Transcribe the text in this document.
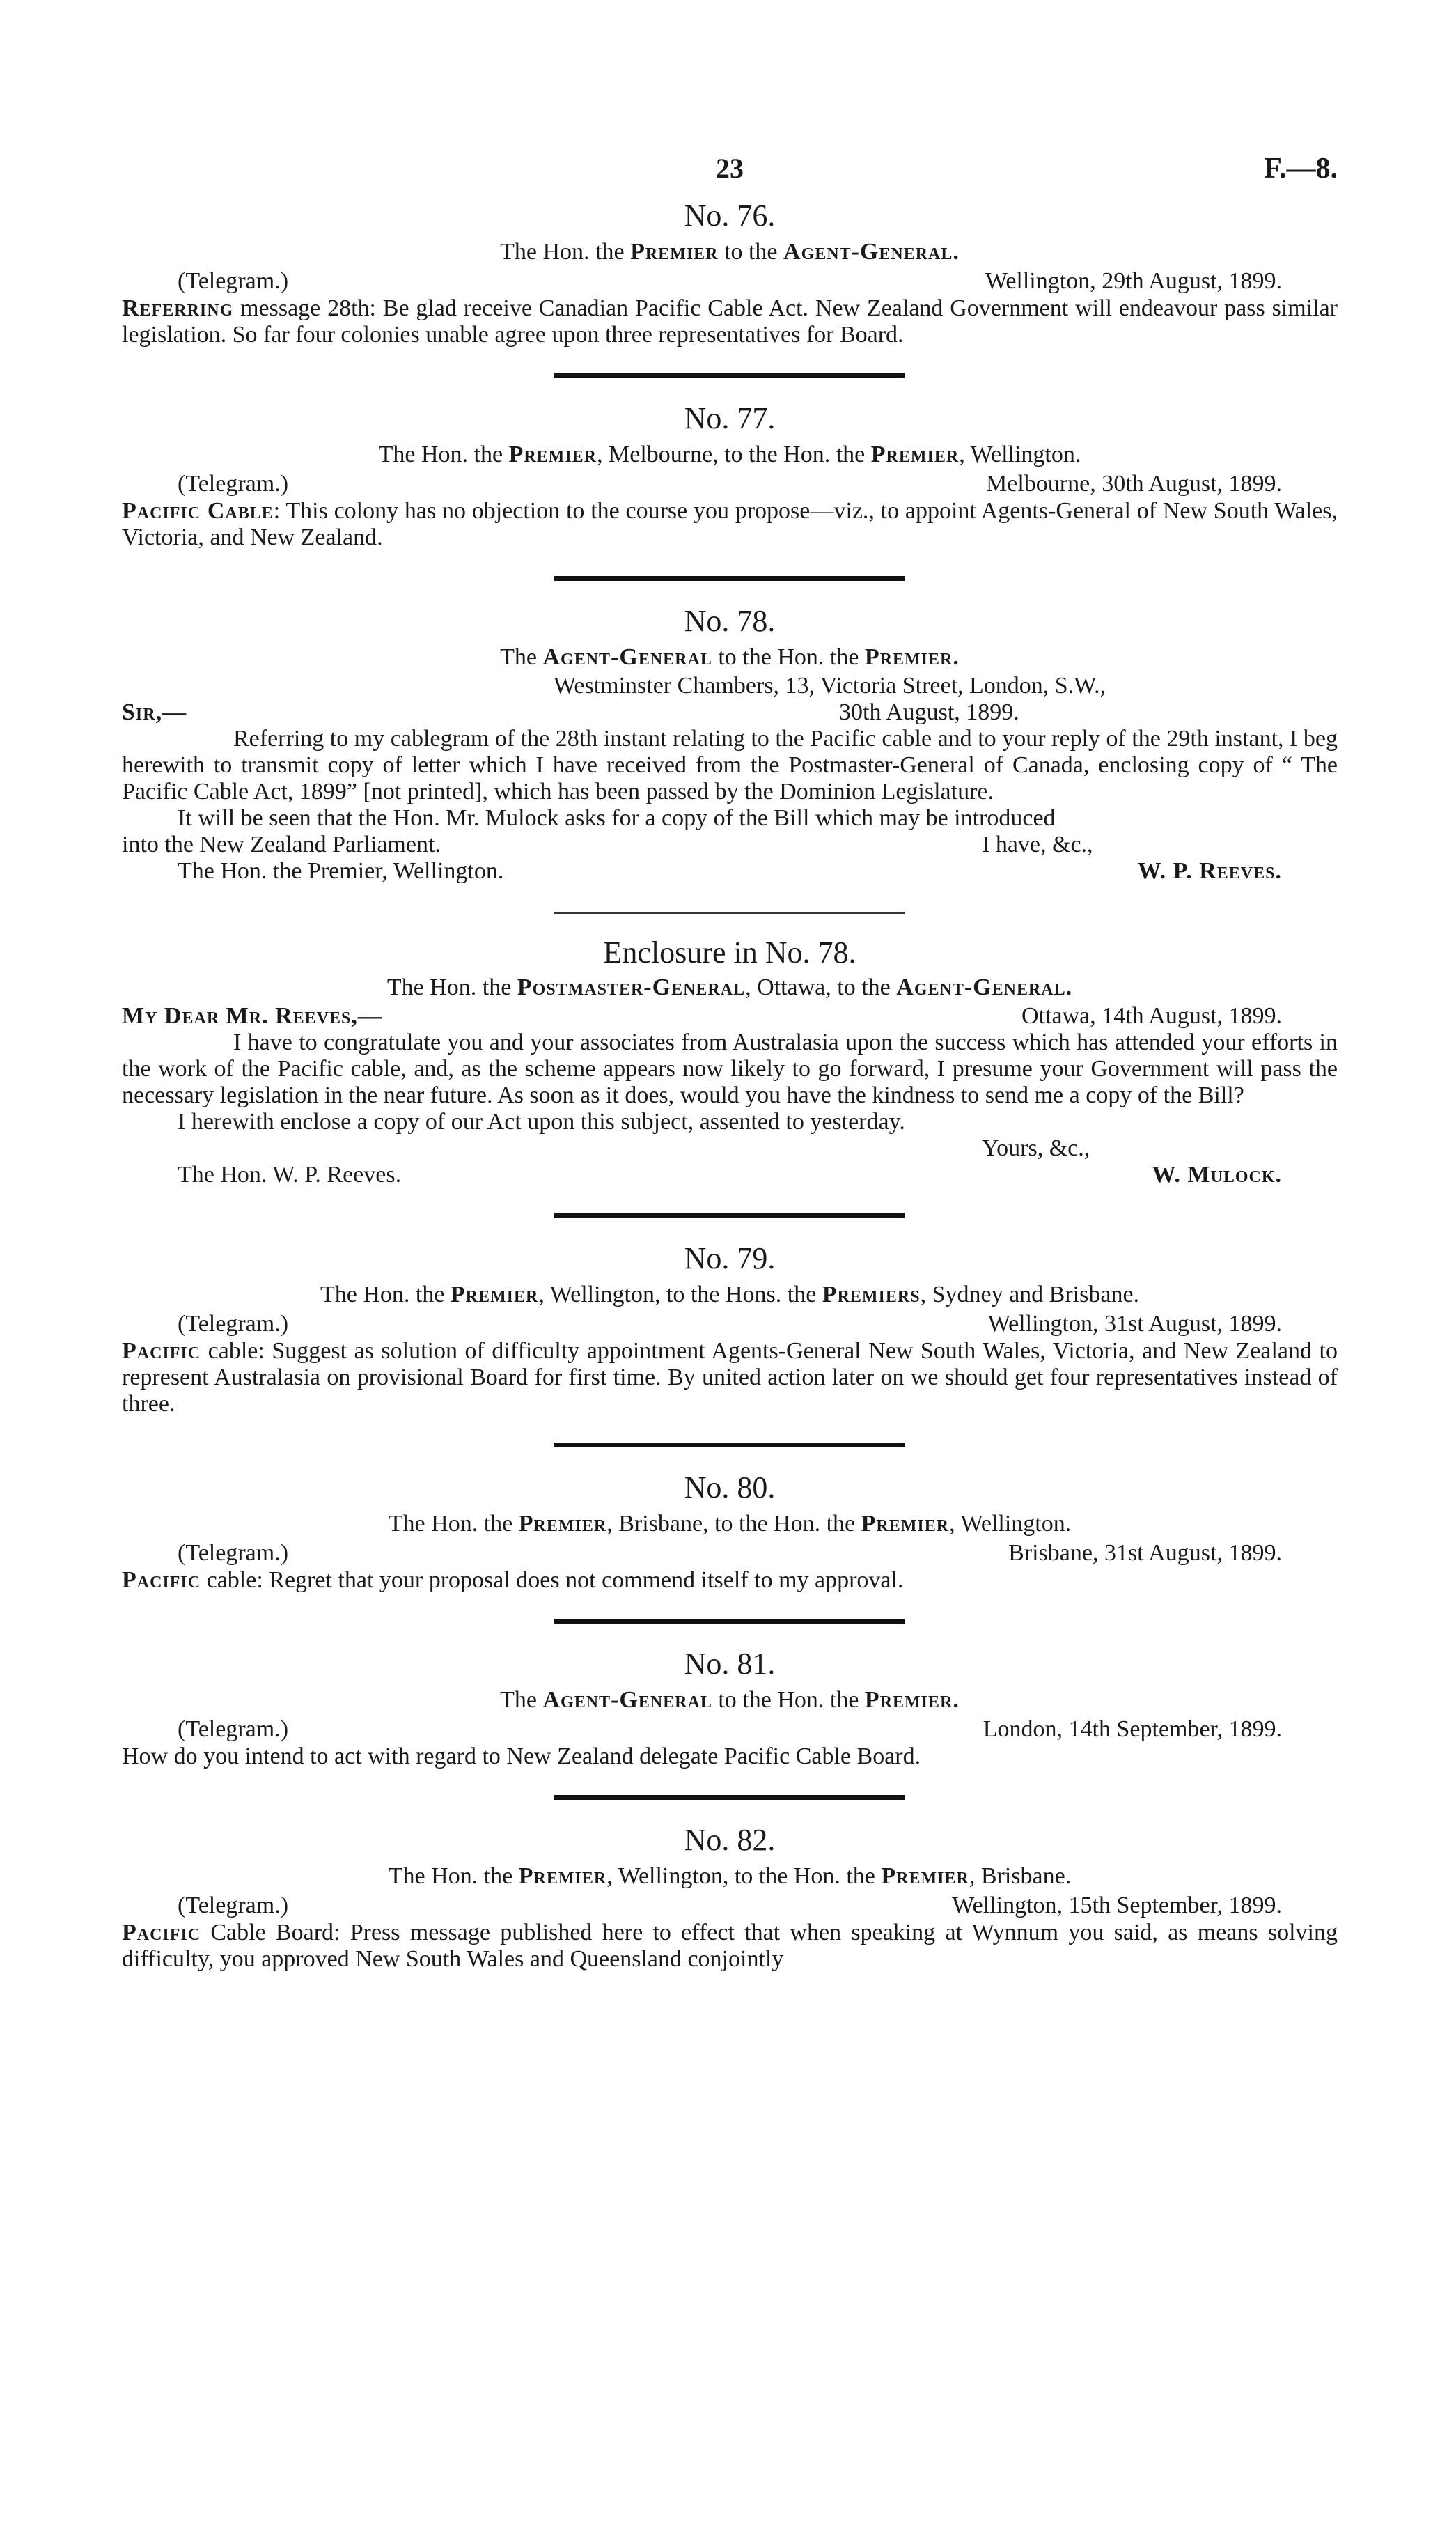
23	F.—8.

No. 76.

The Hon. the Premier to the Agent-General.

(Telegram.)	Wellington, 29th August, 1899.

Referring message 28th: Be glad receive Canadian Pacific Cable Act. New Zealand Government will endeavour pass similar legislation. So far four colonies unable agree upon three representatives for Board.

No. 77.

The Hon. the Premier, Melbourne, to the Hon. the Premier, Wellington.

(Telegram.)	Melbourne, 30th August, 1899.

Pacific Cable: This colony has no objection to the course you propose—viz., to appoint Agents-General of New South Wales, Victoria, and New Zealand.

No. 78.

The Agent-General to the Hon. the Premier.

Westminster Chambers, 13, Victoria Street, London, S.W.,
Sir,—	30th August, 1899.

Referring to my cablegram of the 28th instant relating to the Pacific cable and to your reply of the 29th instant, I beg herewith to transmit copy of letter which I have received from the Postmaster-General of Canada, enclosing copy of “ The Pacific Cable Act, 1899” [not printed], which has been passed by the Dominion Legislature.

It will be seen that the Hon. Mr. Mulock asks for a copy of the Bill which may be introduced

into the New Zealand Parliament.	I have, &c.,
The Hon. the Premier, Wellington.	W. P. Reeves.

Enclosure in No. 78.

The Hon. the Postmaster-General, Ottawa, to the Agent-General.

My Dear Mr. Reeves,—	Ottawa, 14th August, 1899.

I have to congratulate you and your associates from Australasia upon the success which has attended your efforts in the work of the Pacific cable, and, as the scheme appears now likely to go forward, I presume your Government will pass the necessary legislation in the near future. As soon as it does, would you have the kindness to send me a copy of the Bill?

I herewith enclose a copy of our Act upon this subject, assented to yesterday.

Yours, &c.,
The Hon. W. P. Reeves.	W. Mulock.

No. 79.

The Hon. the Premier, Wellington, to the Hons. the Premiers, Sydney and Brisbane.

(Telegram.)	Wellington, 31st August, 1899.

Pacific cable: Suggest as solution of difficulty appointment Agents-General New South Wales, Victoria, and New Zealand to represent Australasia on provisional Board for first time. By united action later on we should get four representatives instead of three.

No. 80.

The Hon. the Premier, Brisbane, to the Hon. the Premier, Wellington.

(Telegram.)	Brisbane, 31st August, 1899.

Pacific cable: Regret that your proposal does not commend itself to my approval.

No. 81.

The Agent-General to the Hon. the Premier.

(Telegram.)	London, 14th September, 1899.

How do you intend to act with regard to New Zealand delegate Pacific Cable Board.

No. 82.

The Hon. the Premier, Wellington, to the Hon. the Premier, Brisbane.

(Telegram.)	Wellington, 15th September, 1899.

Pacific Cable Board: Press message published here to effect that when speaking at Wynnum you said, as means solving difficulty, you approved New South Wales and Queensland conjointly
